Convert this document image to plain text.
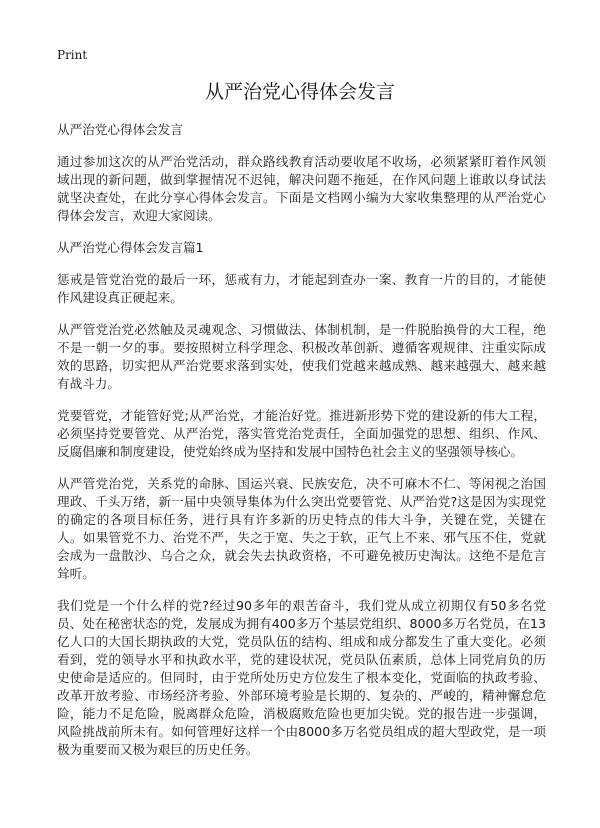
Print
从严治党心得体会发言

从严治党心得体会发言

通过参加这次的从严治党活动，群众路线教育活动要收尾不收场，必须紧紧盯着作风领域出现的新问题，做到掌握情况不迟钝，解决问题不拖延，在作风问题上谁敢以身试法就坚决查处，在此分享心得体会发言。下面是文档网小编为大家收集整理的从严治党心得体会发言，欢迎大家阅读。

从严治党心得体会发言篇1

惩戒是管党治党的最后一环，惩戒有力，才能起到查办一案、教育一片的目的，才能使作风建设真正硬起来。

从严管党治党必然触及灵魂观念、习惯做法、体制机制，是一件脱胎换骨的大工程，绝不是一朝一夕的事。要按照树立科学理念、积极改革创新、遵循客观规律、注重实际成效的思路，切实把从严治党要求落到实处，使我们党越来越成熟、越来越强大、越来越有战斗力。

党要管党，才能管好党;从严治党，才能治好党。推进新形势下党的建设新的伟大工程，必须坚持党要管党、从严治党，落实管党治党责任，全面加强党的思想、组织、作风、反腐倡廉和制度建设，使党始终成为坚持和发展中国特色社会主义的坚强领导核心。

从严管党治党，关系党的命脉、国运兴衰、民族安危，决不可麻木不仁、等闲视之治国理政、千头万绪，新一届中央领导集体为什么突出党要管党、从严治党?这是因为实现党的确定的各项目标任务，进行具有许多新的历史特点的伟大斗争，关键在党，关键在人。如果管党不力、治党不严，失之于宽、失之于软，正气上不来、邪气压不住，党就会成为一盘散沙、乌合之众，就会失去执政资格，不可避免被历史淘汰。这绝不是危言耸听。

我们党是一个什么样的党?经过90多年的艰苦奋斗，我们党从成立初期仅有50多名党员、处在秘密状态的党，发展成为拥有400多万个基层党组织、8000多万名党员，在13亿人口的大国长期执政的大党，党员队伍的结构、组成和成分都发生了重大变化。必须看到，党的领导水平和执政水平，党的建设状况，党员队伍素质，总体上同党肩负的历史使命是适应的。但同时，由于党所处历史方位发生了根本变化，党面临的执政考验、改革开放考验、市场经济考验、外部环境考验是长期的、复杂的、严峻的，精神懈怠危险，能力不足危险，脱离群众危险，消极腐败危险也更加尖锐。党的报告进一步强调，风险挑战前所未有。如何管理好这样一个由8000多万名党员组成的超大型政党，是一项极为重要而又极为艰巨的历史任务。
